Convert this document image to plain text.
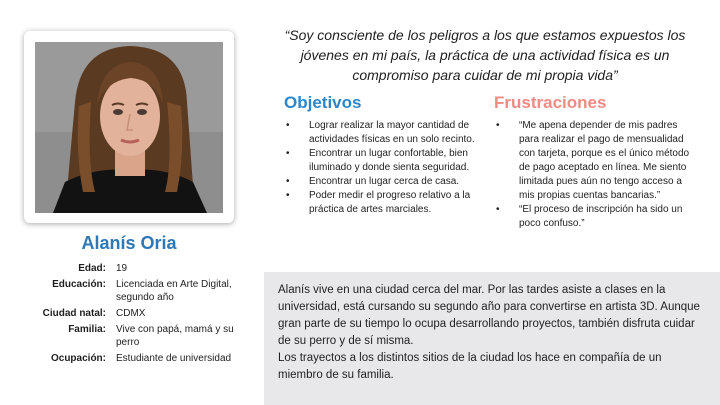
Alanís Oria
Edad: 19
Educación: Licenciada en Arte Digital, segundo año
Ciudad natal: CDMX
Familia: Vive con papá, mamá y su perro
Ocupación: Estudiante de universidad
“Soy consciente de los peligros a los que estamos expuestos los jóvenes en mi país, la práctica de una actividad física es un compromiso para cuidar de mi propia vida”
Objetivos
• Lograr realizar la mayor cantidad de actividades físicas en un solo recinto.
• Encontrar un lugar confortable, bien iluminado y donde sienta seguridad.
• Encontrar un lugar cerca de casa.
• Poder medir el progreso relativo a la práctica de artes marciales.
Frustraciones
• “Me apena depender de mis padres para realizar el pago de mensualidad con tarjeta, porque es el único método de pago aceptado en línea. Me siento limitada pues aún no tengo acceso a mis propias cuentas bancarias.”
• “El proceso de inscripción ha sido un poco confuso.”

Alanís vive en una ciudad cerca del mar. Por las tardes asiste a clases en la universidad, está cursando su segundo año para convertirse en artista 3D. Aunque gran parte de su tiempo lo ocupa desarrollando proyectos, también disfruta cuidar de su perro y de sí misma.

Los trayectos a los distintos sitios de la ciudad los hace en compañía de un miembro de su familia.
